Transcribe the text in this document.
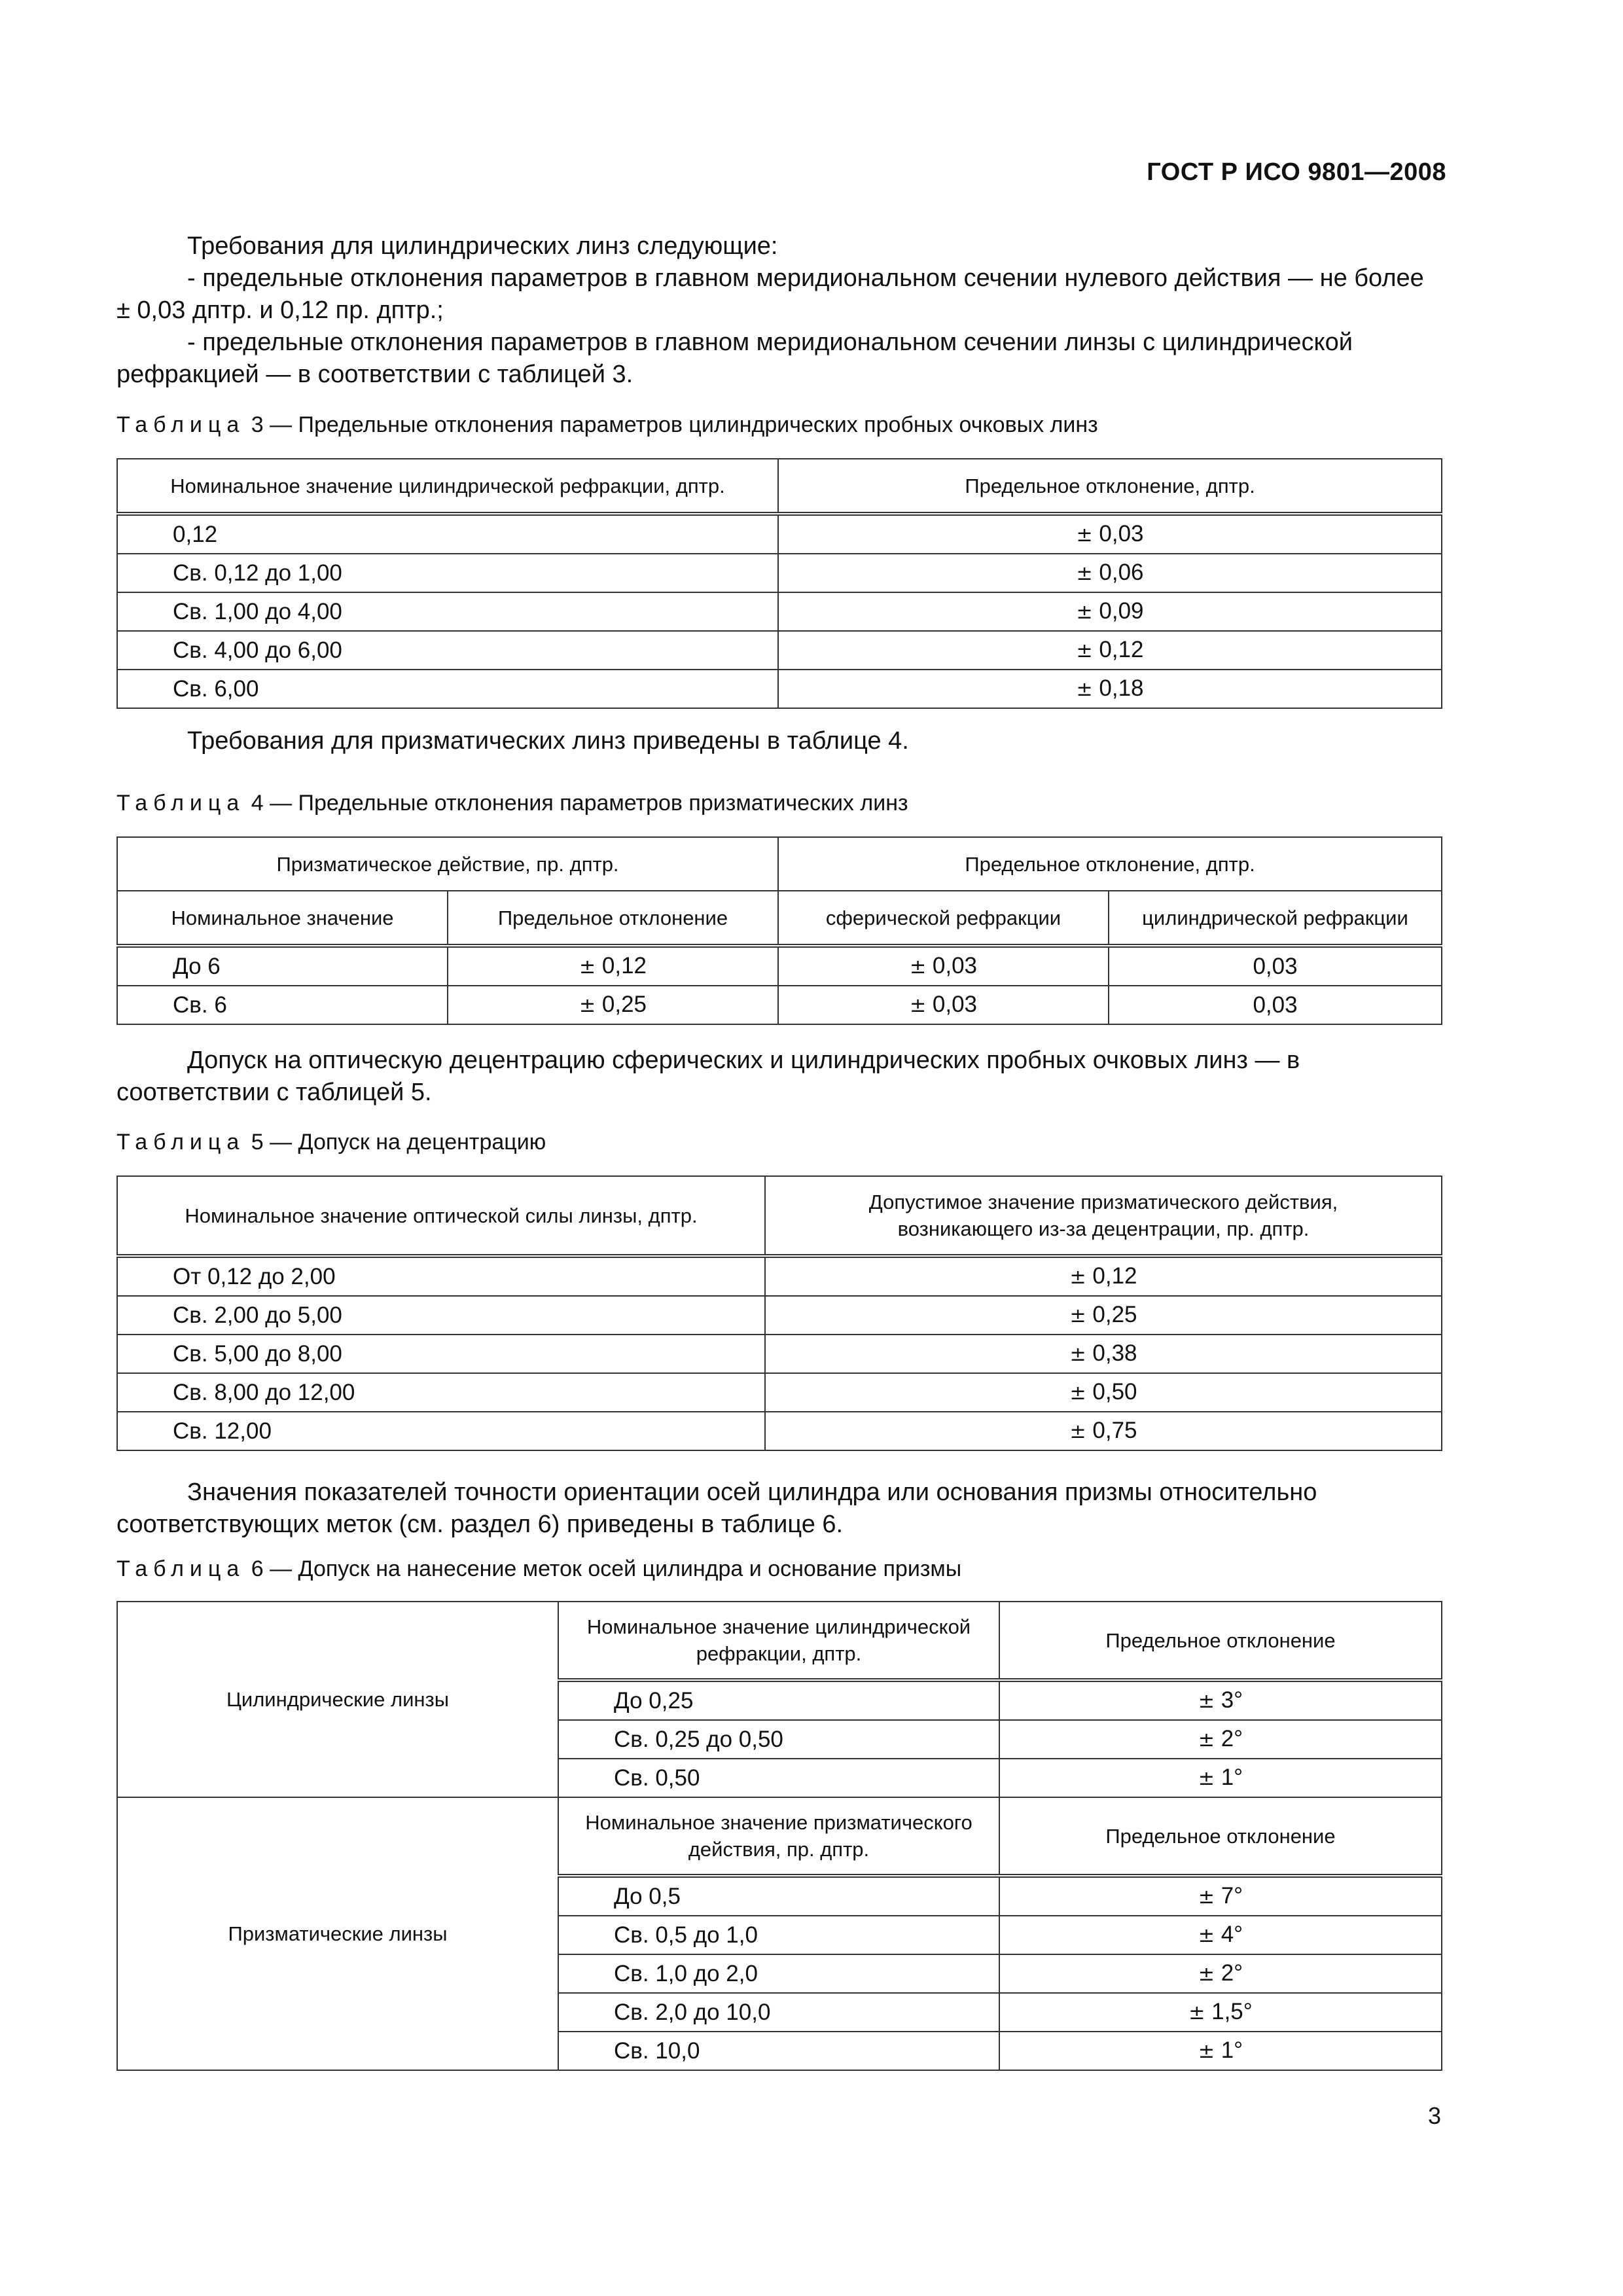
ГОСТ Р ИСО 9801—2008
Требования для цилиндрических линз следующие:
- предельные отклонения параметров в главном меридиональном сечении нулевого действия — не более ± 0,03 дптр. и 0,12 пр. дптр.;
- предельные отклонения параметров в главном меридиональном сечении линзы с цилиндрической рефракцией — в соответствии с таблицей 3.
Таблица 3 — Предельные отклонения параметров цилиндрических пробных очковых линз
Номинальное значение цилиндрической рефракции, дптр.	Предельное отклонение, дптр.
0,12	± 0,03
Св. 0,12 до 1,00	± 0,06
Св. 1,00 до 4,00	± 0,09
Св. 4,00 до 6,00	± 0,12
Св. 6,00	± 0,18

Требования для призматических линз приведены в таблице 4.

Таблица 4 — Предельные отклонения параметров призматических линз
Призматическое действие, пр. дптр.		Предельное отклонение, дптр.	
Номинальное значение	Предельное отклонение	сферической рефракции	цилиндрической рефракции
До 6	± 0,12	± 0,03	0,03
Св. 6	± 0,25	± 0,03	0,03

Допуск на оптическую децентрацию сферических и цилиндрических пробных очковых линз — в соответствии с таблицей 5.

Таблица 5 — Допуск на децентрацию
Номинальное значение оптической силы линзы, дптр.	Допустимое значение призматического действия, возникающего из-за децентрации, пр. дптр.
От 0,12 до 2,00	± 0,12
Св. 2,00 до 5,00	± 0,25
Св. 5,00 до 8,00	± 0,38
Св. 8,00 до 12,00	± 0,50
Св. 12,00	± 0,75

Значения показателей точности ориентации осей цилиндра или основания призмы относительно соответствующих меток (см. раздел 6) приведены в таблице 6.

Таблица 6 — Допуск на нанесение меток осей цилиндра и основание призмы
Цилиндрические линзы	Номинальное значение цилиндрической рефракции, дптр.	Предельное отклонение
	До 0,25	± 3°
	Св. 0,25 до 0,50	± 2°
	Св. 0,50	± 1°
Призматические линзы	Номинальное значение призматического действия, пр. дптр.	Предельное отклонение
	До 0,5	± 7°
	Св. 0,5 до 1,0	± 4°
	Св. 1,0 до 2,0	± 2°
	Св. 2,0 до 10,0	± 1,5°
	Св. 10,0	± 1°
3
